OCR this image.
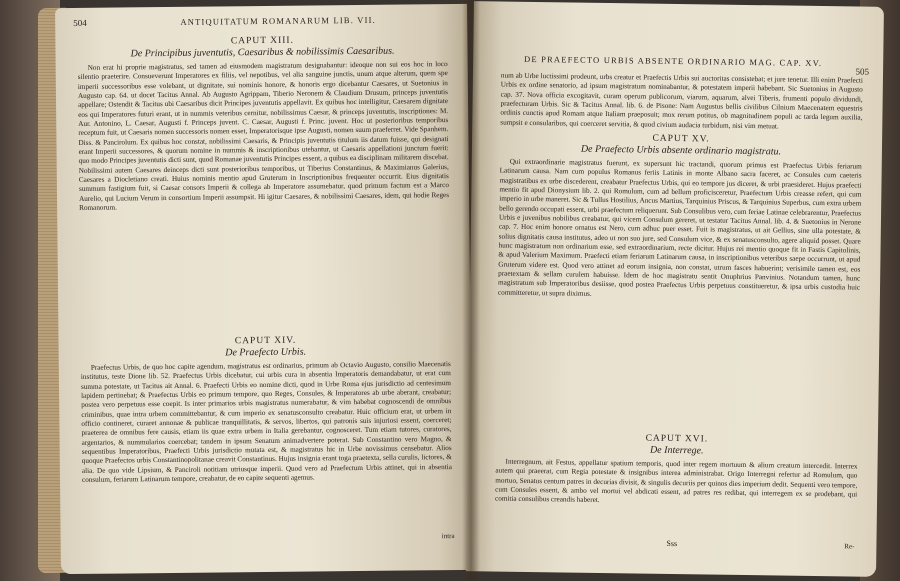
504	ANTIQUITATUM ROMANARUM LIB. VII.

CAPUT XIII.
De Principibus juventutis, Caesaribus & nobilissimis Caesaribus.

Non erat hi proprie magistratus, sed tamen ad eiusmodem magistratum designabantur: ideoque non sui eos hoc in loco silentio praeterire. Consueverunt Imperatores ex filiis, vel nepotibus, vel alia sanguine junctis, unum atque alterum, quem spe imperii successoribus esse volebant, ut dignitate, sui nominis honore, & honoris ergo dicebantur Caesares, ut Suetonius in Augusto cap. 64. ut docet Tacitus Annal. Ab Augusto Agrippam, Tiberio Neronem & Claudium Drusum, princeps juventutis appellare; Ostendit & Tacitus ubi Caesaribus dicit Principes juventutis appellavit. Ex quibus hoc intelligitur, Caesarem dignitate eos qui Imperatores futuri erant, ut in nummis veteribus cernitur, nobilissimus Caesar, & princeps juventutis, inscriptiones: M. Aur. Antonino, L. Caesar, Augusti f. Princeps juvent. C. Caesar, Augusti f. Princ. juvent. Hoc ut posterioribus temporibus receptum fuit, ut Caesaris nomen successoris nomen esset, Imperatorisque ipse Augusti, nomen suum praeferret. Vide Spanhem. Diss. & Pancirolum. Ex quibus hoc constat, nobilissimi Caesaris, & Principis juventutis titulum iis datum fuisse, qui designati erant Imperii successores, & quorum nomine in nummis & inscriptionibus utebantur, ut Caesaris appellationi junctum fuerit: quo modo Principes juventutis dicti sunt, quod Romanae juventutis Principes essent, a quibus ea disciplinam militarem discebat. Nobilissimi autem Caesares deinceps dicti sunt posterioribus temporibus, ut Tiberius Constantinus, & Maximianus Galerius, Caesares a Diocletiano creati. Huius nominis mentio apud Gruterum in Inscriptionibus frequenter occurrit. Eius dignitatis summum fastigium fuit, si Caesar consors Imperii & collega ab Imperatore assumebatur, quod primum factum est a Marco Aurelio, qui Lucium Verum in consortium Imperii assumpsit. Hi igitur Caesares, & nobilissimi Caesares, idem, qui hodie Reges Romanorum.

CAPUT XIV.
De Praefecto Urbis.

Praefectus Urbis, de quo hoc capite agendum, magistratus est ordinarius, primum ab Octavio Augusto, consilio Maecenatis institutus, teste Dione lib. 52. Praefectus Urbis dicebatur, cui urbis cura in absentia Imperatoris demandabatur, ut erat cum summa potestate, ut Tacitus ait Annal. 6. Praefecti Urbis eo nomine dicti, quod in Urbe Roma ejus jurisdictio ad centesimum lapidem pertinebat; & Praefectus Urbis eo primum tempore, quo Reges, Consules, & Imperatores ab urbe aberant, creabatur; postea vero perpetuus esse coepit. Is inter primarios urbis magistratus numerabatur, & vim habebat cognoscendi de omnibus criminibus, quae intra urbem committebantur, & cum imperio ex senatusconsulto creabatur. Huic officium erat, ut urbem in officio contineret, curaret annonae & publicae tranquillitatis, & servos, libertos, qui patronis suis injuriosi essent, coerceret; praeterea de omnibus fere causis, etiam iis quae extra urbem in Italia gerebantur, cognosceret. Tum etiam tutores, curatores, argentarios, & nummularios coercebat; tandem in ipsum Senatum animadvertere poterat. Sub Constantino vero Magno, & sequentibus Imperatoribus, Praefecti Urbis jurisdictio mutata est, & magistratus hic in Urbe novissimus censebatur. Alios quoque Praefectos urbis Constantinopolitanae creavit Constantinus. Hujus insignia erant toga praetexta, sella curulis, lictores, & alia. De quo vide Lipsium, & Panciroli notitiam utriusque imperii. Quod vero ad Praefectum Urbis attinet, qui in absentia consulum, feriarum Latinarum tempore, creabatur, de eo capite sequenti agemus.

intra

DE PRAEFECTO URBIS ABSENTE ORDINARIO MAG. CAP. XV.

505

num ab Urbe luctissimi prodeunt, urbs creatur et Praefectis Urbis sui auctoritas consistebat; et jure tenetur. Illi enim Praefecti Urbis ex ordine senatorio, ad ipsum magistratum nominabantur, & potestatem imperii habebant. Sic Suetonius in Augusto cap. 37. Nova officia excogitavit, curam operum publicorum, viarum, aquarum, alvei Tiberis, frumenti populo dividundi, praefecturam Urbis. Sic & Tacitus Annal. lib. 6. de Pisone: Nam Augustus bellis civilibus Cilnium Maecenatem equestris ordinis cunctis apud Romam atque Italiam praeposuit; mox rerum potitus, ob magnitudinem populi ac tarda legum auxilia, sumpsit e consularibus, qui coerceret servitia, & quod civium audacia turbidum, nisi vim metuat.

CAPUT XV.
De Praefecto Urbis absente ordinario magistratu.

Qui extraordinarie magistratus fuerunt, ex supersunt hic tractandi, quorum primus est Praefectus Urbis feriarum Latinarum causa. Nam cum populus Romanus feriis Latinis in monte Albano sacra faceret, ac Consules cum caeteris magistratibus ex urbe discederent, creabatur Praefectus Urbis, qui eo tempore jus diceret, & urbi praesideret. Hujus praefecti mentio fit apud Dionysium lib. 2. qui Romulum, cum ad bellum proficisceretur, Praefectum Urbis creasse refert, qui cum imperio in urbe maneret. Sic & Tullus Hostilius, Ancus Martius, Tarquinius Priscus, & Tarquinius Superbus, cum extra urbem bello gerendo occupati essent, urbi praefectum reliquerunt. Sub Consulibus vero, cum feriae Latinae celebrarentur, Praefectus Urbis e juvenibus nobilibus creabatur, qui vicem Consulum gereret, ut testatur Tacitus Annal. lib. 4. & Suetonius in Nerone cap. 7. Hoc enim honore ornatus est Nero, cum adhuc puer esset. Fuit is magistratus, ut ait Gellius, sine ulla potestate, & solius dignitatis causa institutus, adeo ut non suo jure, sed Consulum vice, & ex senatusconsulto, agere aliquid posset. Quare hunc magistratum non ordinarium esse, sed extraordinarium, recte dicitur. Hujus rei mentio quoque fit in Fastis Capitolinis, & apud Valerium Maximum. Praefecti etiam feriarum Latinarum causa, in inscriptionibus veteribus saepe occurrunt, ut apud Gruterum videre est. Quod vero attinet ad eorum insignia, non constat, utrum fasces habuerint; verisimile tamen est, eos praetextam & sellam curulem habuisse. Idem de hoc magistratu sentit Onuphrius Panvinius. Notandum tamen, hunc magistratum sub Imperatoribus desiisse, quod postea Praefectus Urbis perpetuus constitueretur, & ipsa urbis custodia huic committeretur, ut supra diximus.

CAPUT XVI.
De Interrege.

Interregnum, ait Festus, appellatur spatium temporis, quod inter regem mortuum & alium creatum intercedit. Interrex autem qui praeerat, cum Regia potestate & insignibus interea administrabat. Origo Interregni refertur ad Romulum, quo mortuo, Senatus centum patres in decurias divisit, & singulis decuriis per quinos dies imperium dedit. Sequenti vero tempore, cum Consules essent, & ambo vel mortui vel abdicati essent, ad patres res redibat, qui interregem ex se prodebant, qui comitia consulibus creandis haberet.

Sss	Re-
